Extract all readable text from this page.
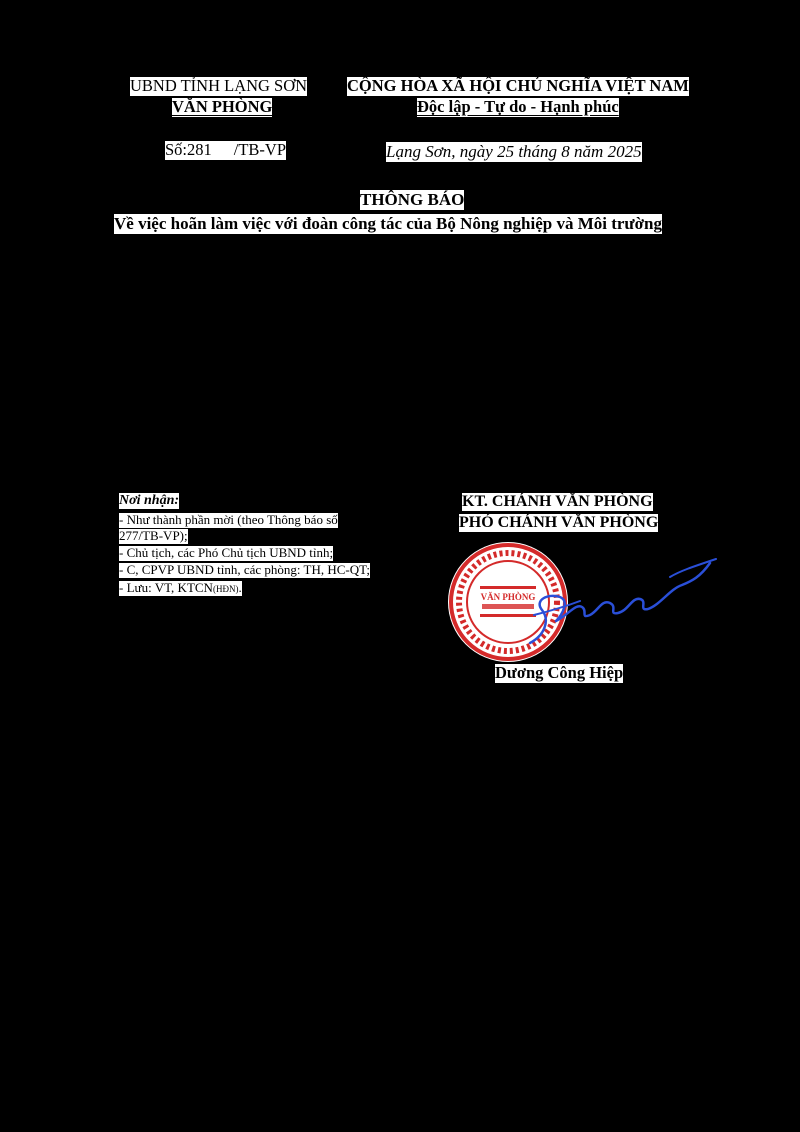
UBND TỈNH LẠNG SƠN
VĂN PHÒNG
CỘNG HÒA XÃ HỘI CHỦ NGHĨA VIỆT NAM
Độc lập - Tự do - Hạnh phúc
Số:281 /TB-VP	Lạng Sơn, ngày 25 tháng 8 năm 2025
THÔNG BÁO
Về việc hoãn làm việc với đoàn công tác của Bộ Nông nghiệp và Môi trường
Nơi nhận:
- Như thành phần mời (theo Thông báo số
277/TB-VP);
- Chủ tịch, các Phó Chủ tịch UBND tỉnh;
- C, CPVP UBND tỉnh, các phòng: TH, HC-QT;
- Lưu: VT, KTCN(HĐN).
KT. CHÁNH VĂN PHÒNG
PHÓ CHÁNH VĂN PHÒNG
VĂN PHÒNG
Dương Công Hiệp
